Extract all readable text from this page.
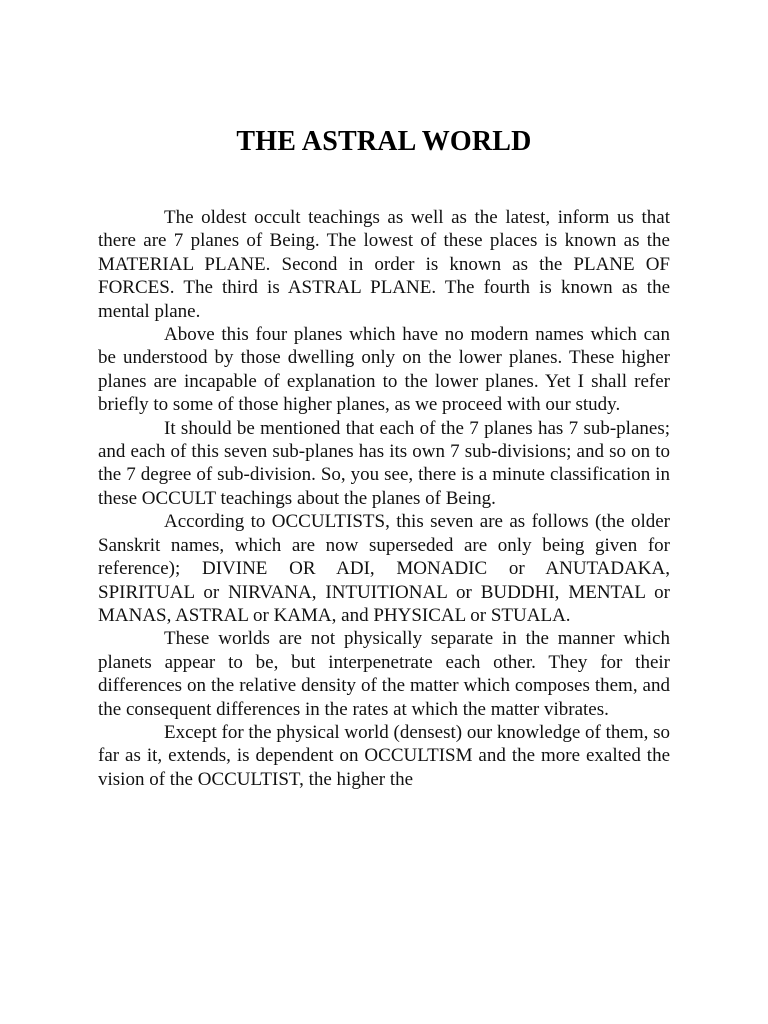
THE ASTRAL WORLD

The oldest occult teachings as well as the latest, inform us that there are 7 planes of Being. The lowest of these places is known as the MATERIAL PLANE. Second in order is known as the PLANE OF FORCES. The third is ASTRAL PLANE. The fourth is known as the mental plane.

Above this four planes which have no modern names which can be understood by those dwelling only on the lower planes. These higher planes are incapable of explanation to the lower planes. Yet I shall refer briefly to some of those higher planes, as we proceed with our study.

It should be mentioned that each of the 7 planes has 7 sub-planes; and each of this seven sub-planes has its own 7 sub-divisions; and so on to the 7 degree of sub-division. So, you see, there is a minute classification in these OCCULT teachings about the planes of Being.

According to OCCULTISTS, this seven are as follows (the older Sanskrit names, which are now superseded are only being given for reference); DIVINE OR ADI, MONADIC or ANUTADAKA, SPIRITUAL or NIRVANA, INTUITIONAL or BUDDHI, MENTAL or MANAS, ASTRAL or KAMA, and PHYSICAL or STUALA.

These worlds are not physically separate in the manner which planets appear to be, but interpenetrate each other. They for their differences on the relative density of the matter which composes them, and the consequent differences in the rates at which the matter vibrates.

Except for the physical world (densest) our knowledge of them, so far as it, extends, is dependent on OCCULTISM and the more exalted the vision of the OCCULTIST, the higher the
